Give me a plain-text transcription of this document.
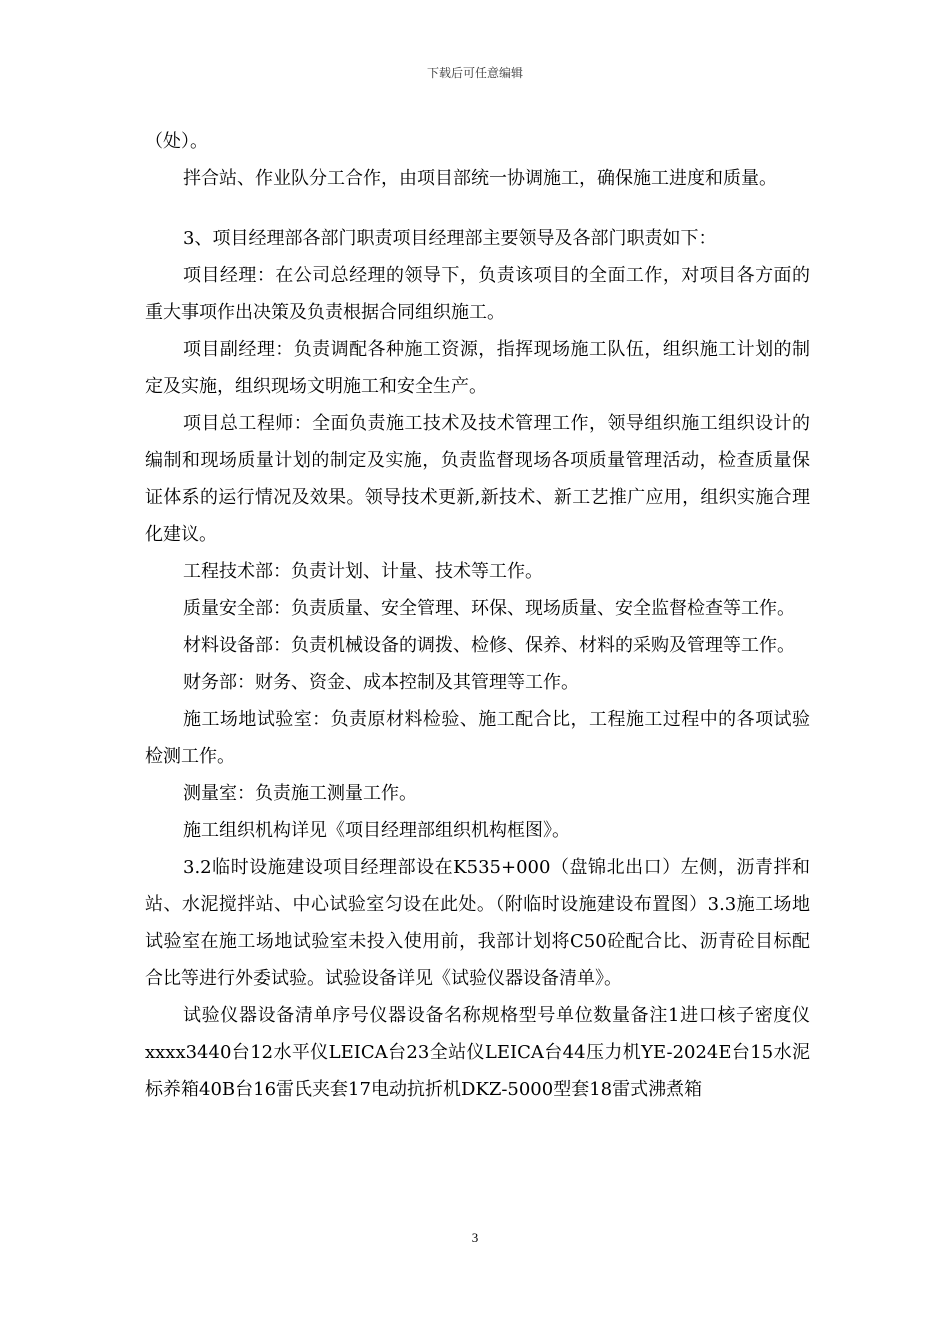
下载后可任意编辑

（处）。

拌合站、作业队分工合作，由项目部统一协调施工，确保施工进度和质量。

3、项目经理部各部门职责项目经理部主要领导及各部门职责如下：

项目经理：在公司总经理的领导下，负责该项目的全面工作，对项目各方面的重大事项作出决策及负责根据合同组织施工。

项目副经理：负责调配各种施工资源，指挥现场施工队伍，组织施工计划的制定及实施，组织现场文明施工和安全生产。

项目总工程师：全面负责施工技术及技术管理工作，领导组织施工组织设计的编制和现场质量计划的制定及实施，负责监督现场各项质量管理活动，检查质量保证体系的运行情况及效果。领导技术更新,新技术、新工艺推广应用，组织实施合理化建议。

工程技术部：负责计划、计量、技术等工作。

质量安全部：负责质量、安全管理、环保、现场质量、安全监督检查等工作。

材料设备部：负责机械设备的调拨、检修、保养、材料的采购及管理等工作。

财务部：财务、资金、成本控制及其管理等工作。

施工场地试验室：负责原材料检验、施工配合比，工程施工过程中的各项试验检测工作。

测量室：负责施工测量工作。

施工组织机构详见《项目经理部组织机构框图》。

3.2临时设施建设项目经理部设在K535+000（盘锦北出口）左侧，沥青拌和站、水泥搅拌站、中心试验室匀设在此处。（附临时设施建设布置图）3.3施工场地试验室在施工场地试验室未投入使用前，我部计划将C50砼配合比、沥青砼目标配合比等进行外委试验。试验设备详见《试验仪器设备清单》。

试验仪器设备清单序号仪器设备名称规格型号单位数量备注1进口核子密度仪xxxx3440台12水平仪LEICA台23全站仪LEICA台44压力机YE-2024E台15水泥标养箱40B台16雷氏夹套17电动抗折机DKZ-5000型套18雷式沸煮箱

3
